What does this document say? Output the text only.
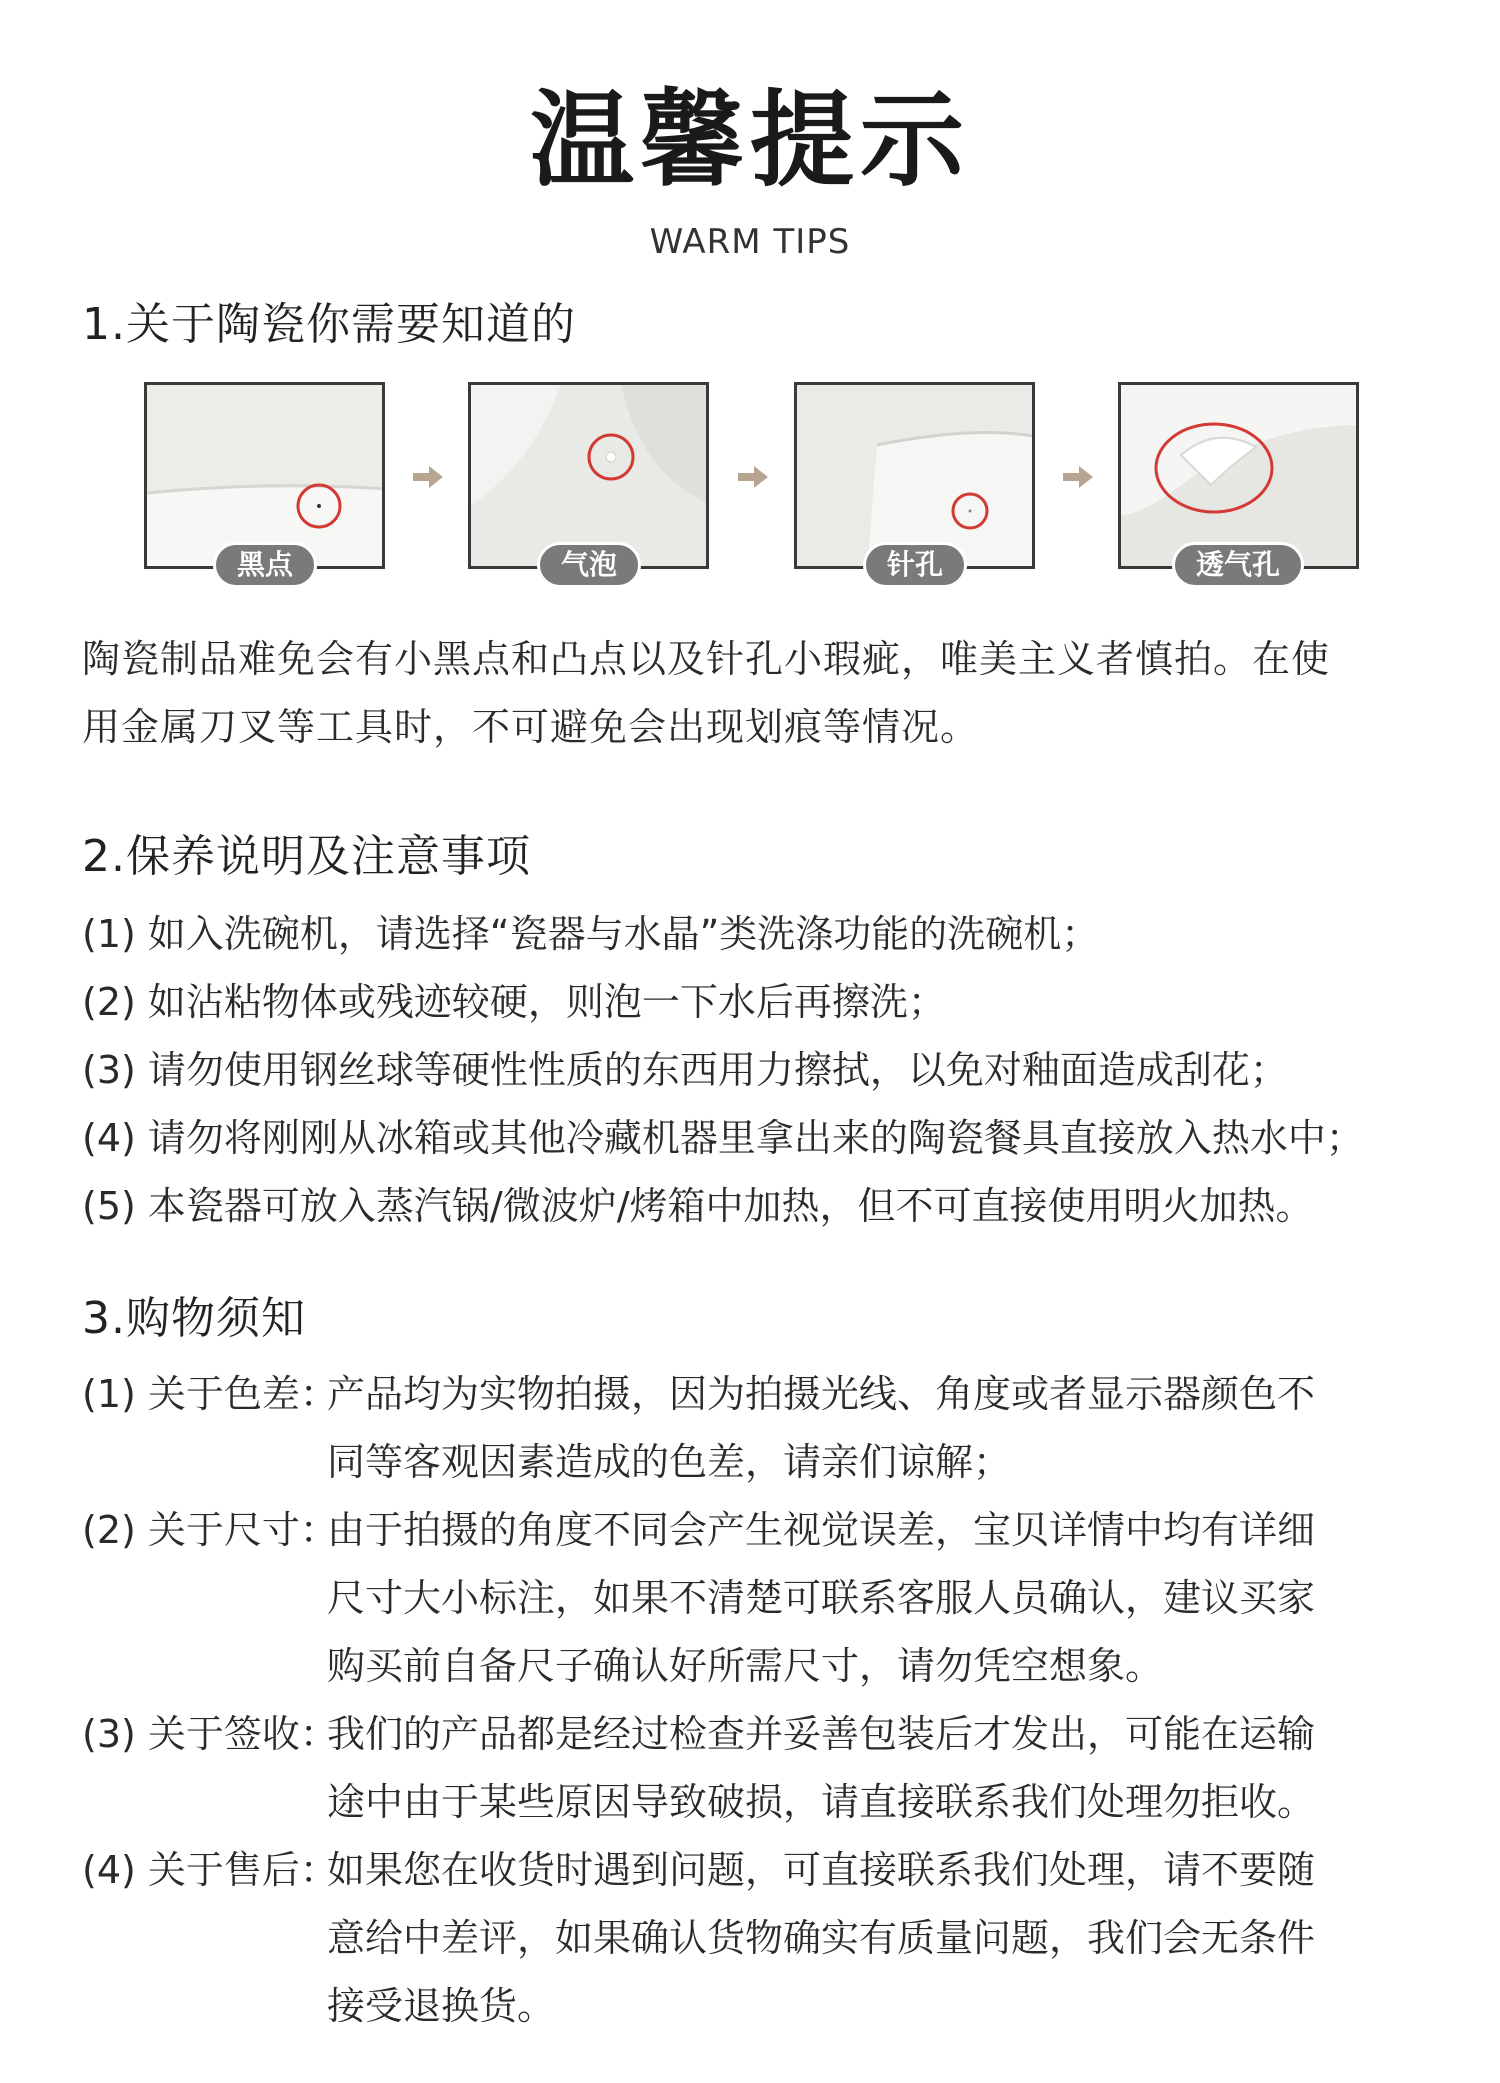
温馨提示
WARM TIPS
1.关于陶瓷你需要知道的
黑点	气泡	针孔	透气孔
陶瓷制品难免会有小黑点和凸点以及针孔小瑕疵，唯美主义者慎拍。在使
用金属刀叉等工具时，不可避免会出现划痕等情况。
2.保养说明及注意事项
(1) 如入洗碗机，请选择“瓷器与水晶”类洗涤功能的洗碗机；
(2) 如沾粘物体或残迹较硬，则泡一下水后再擦洗；
(3) 请勿使用钢丝球等硬性性质的东西用力擦拭，以免对釉面造成刮花；
(4) 请勿将刚刚从冰箱或其他冷藏机器里拿出来的陶瓷餐具直接放入热水中；
(5) 本瓷器可放入蒸汽锅/微波炉/烤箱中加热，但不可直接使用明火加热。
3.购物须知
(1) 关于色差：
产品均为实物拍摄，因为拍摄光线、角度或者显示器颜色不
同等客观因素造成的色差，请亲们谅解；
(2) 关于尺寸：
由于拍摄的角度不同会产生视觉误差，宝贝详情中均有详细
尺寸大小标注，如果不清楚可联系客服人员确认，建议买家
购买前自备尺子确认好所需尺寸，请勿凭空想象。
(3) 关于签收：
我们的产品都是经过检查并妥善包装后才发出，可能在运输
途中由于某些原因导致破损，请直接联系我们处理勿拒收。
(4) 关于售后：
如果您在收货时遇到问题，可直接联系我们处理，请不要随
意给中差评，如果确认货物确实有质量问题，我们会无条件
接受退换货。
